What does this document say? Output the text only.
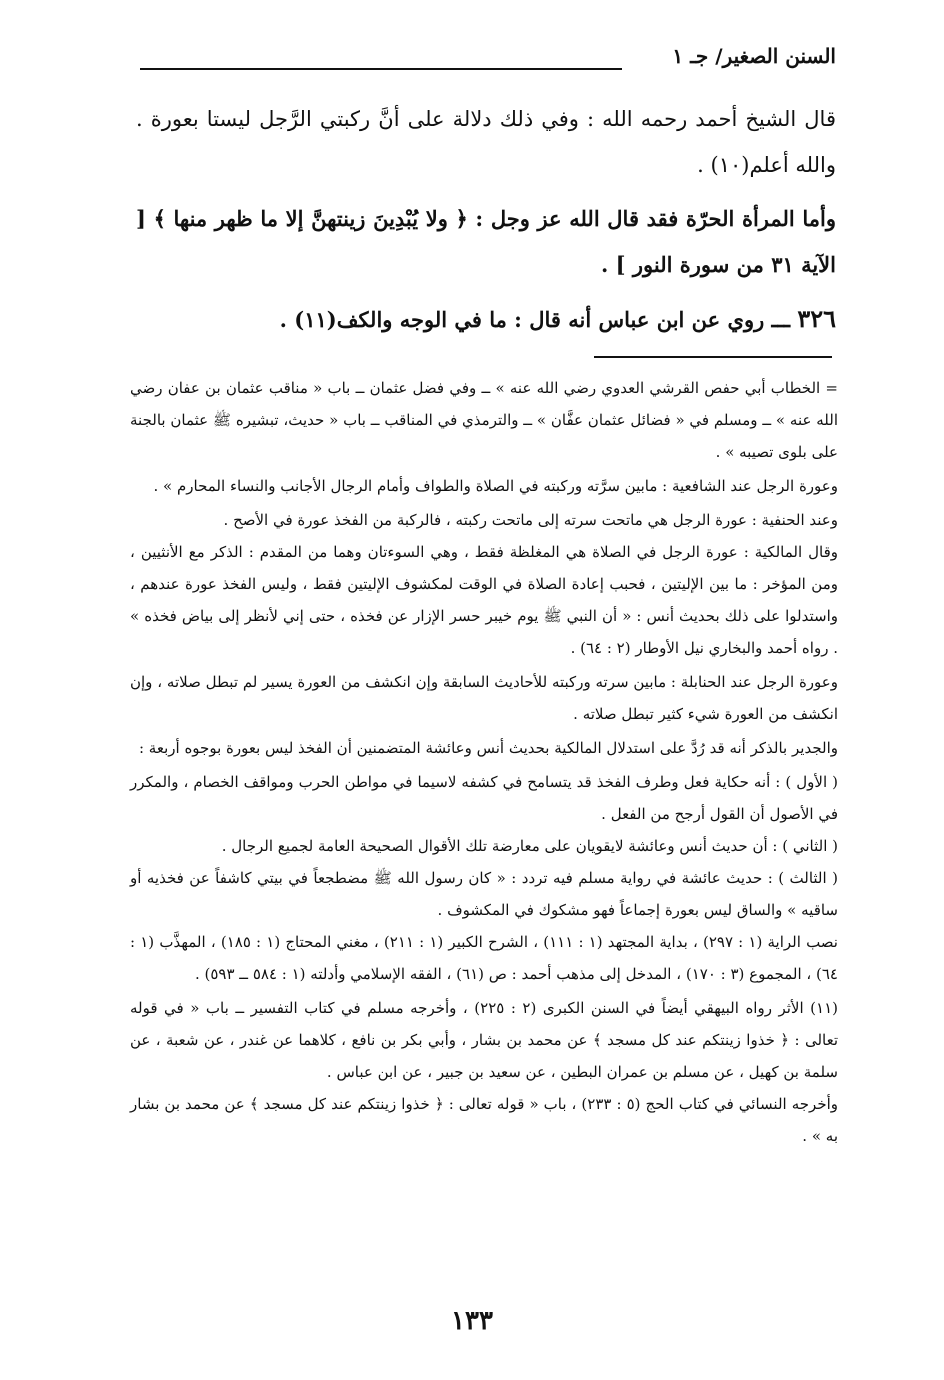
السنن الصغير/ جـ ١

قال الشيخ أحمد رحمه الله : وفي ذلك دلالة على أنَّ ركبتي الرَّجل ليستا بعورة . والله أعلم(١٠) .

وأما المرأة الحرّة فقد قال الله عز وجل : ﴿ ولا يُبْدِينَ زينتهنَّ إلا ما ظهر منها ﴾ [ الآية ٣١ من سورة النور ] .

٣٢٦ ـــ روي عن ابن عباس أنه قال : ما في الوجه والكف(١١) .

= الخطاب أبي حفص القرشي العدوي رضي الله عنه » ــ وفي فضل عثمان ــ باب « مناقب عثمان بن عفان رضي الله عنه » ــ ومسلم في « فضائل عثمان عفَّان » ــ والترمذي في المناقب ــ باب « حديث، تبشيره ﷺ عثمان بالجنة على بلوى تصيبه » .

وعورة الرجل عند الشافعية : مابين سرَّته وركبته في الصلاة والطواف وأمام الرجال الأجانب والنساء المحارم » .

وعند الحنفية : عورة الرجل هي ماتحت سرته إلى ماتحت ركبته ، فالركبة من الفخذ عورة في الأصح .

وقال المالكية : عورة الرجل في الصلاة هي المغلظة فقط ، وهي السوءتان وهما من المقدم : الذكر مع الأنثيين ، ومن المؤخر : ما بين الإليتين ، فحبب إعادة الصلاة في الوقت لمكشوف الإليتين فقط ، وليس الفخذ عورة عندهم ، واستدلوا على ذلك بحديث أنس : « أن النبي ﷺ يوم خيبر حسر الإزار عن فخذه ، حتى إني لأنظر إلى بياض فخذه » . رواه أحمد والبخاري نيل الأوطار (٢ : ٦٤) .

وعورة الرجل عند الحنابلة : مابين سرته وركبته للأحاديث السابقة وإن انكشف من العورة يسير لم تبطل صلاته ، وإن انكشف من العورة شيء كثير تبطل صلاته .

والجدير بالذكر أنه قد رُدَّ على استدلال المالكية بحديث أنس وعائشة المتضمنين أن الفخذ ليس بعورة بوجوه أربعة :

( الأول ) : أنه حكاية فعل وطرف الفخذ قد يتسامح في كشفه لاسيما في مواطن الحرب ومواقف الخصام ، والمكرر في الأصول أن القول أرجح من الفعل .

( الثاني ) : أن حديث أنس وعائشة لايقويان على معارضة تلك الأقوال الصحيحة العامة لجميع الرجال .

( الثالث ) : حديث عائشة في رواية مسلم فيه تردد : « كان رسول الله ﷺ مضطجعاً في بيتي كاشفاً عن فخذيه أو ساقيه » والساق ليس بعورة إجماعاً فهو مشكوك في المكشوف .

نصب الراية (١ : ٢٩٧) ، بداية المجتهد (١ : ١١١) ، الشرح الكبير (١ : ٢١١) ، مغني المحتاج (١ : ١٨٥) ، المهذَّب (١ : ٦٤) ، المجموع (٣ : ١٧٠) ، المدخل إلى مذهب أحمد : ص (٦١) ، الفقه الإسلامي وأدلته (١ : ٥٨٤ ــ ٥٩٣) .

(١١) الأثر رواه البيهقي أيضاً في السنن الكبرى (٢ : ٢٢٥) ، وأخرجه مسلم في كتاب التفسير ــ باب « في قوله تعالى : ﴿ خذوا زينتكم عند كل مسجد ﴾ عن محمد بن بشار ، وأبي بكر بن نافع ، كلاهما عن غندر ، عن شعبة ، عن سلمة بن كهيل ، عن مسلم بن عمران البطين ، عن سعيد بن جبير ، عن ابن عباس .

وأخرجه النسائي في كتاب الحج (٥ : ٢٣٣) ، باب « قوله تعالى : ﴿ خذوا زينتكم عند كل مسجد ﴾ عن محمد بن بشار به » .

١٣٣
